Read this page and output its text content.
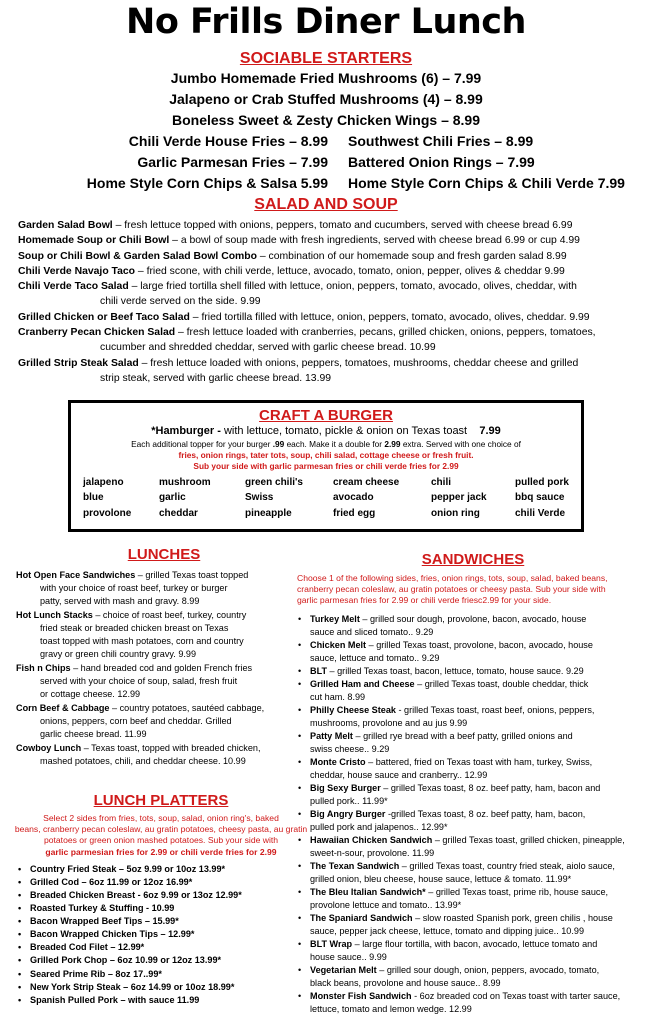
No Frills Diner Lunch
SOCIABLE STARTERS
Jumbo Homemade Fried Mushrooms (6) – 7.99
Jalapeno or Crab Stuffed Mushrooms (4) – 8.99
Boneless Sweet & Zesty Chicken Wings – 8.99
Chili Verde House Fries – 8.99	Southwest Chili Fries – 8.99
Garlic Parmesan Fries – 7.99	Battered Onion Rings – 7.99
Home Style Corn Chips & Salsa 5.99	Home Style Corn Chips & Chili Verde 7.99
SALAD AND SOUP
Garden Salad Bowl – fresh lettuce topped with onions, peppers, tomato and cucumbers, served with cheese bread 6.99
Homemade Soup or Chili Bowl – a bowl of soup made with fresh ingredients, served with cheese bread 6.99 or cup 4.99
Soup or Chili Bowl & Garden Salad Bowl Combo – combination of our homemade soup and fresh garden salad 8.99
Chili Verde Navajo Taco – fried scone, with chili verde, lettuce, avocado, tomato, onion, pepper, olives & cheddar 9.99
Chili Verde Taco Salad – large fried tortilla shell filled with lettuce, onion, peppers, tomato, avocado, olives, cheddar, with
chili verde served on the side. 9.99
Grilled Chicken or Beef Taco Salad – fried tortilla filled with lettuce, onion, peppers, tomato, avocado, olives, cheddar. 9.99
Cranberry Pecan Chicken Salad – fresh lettuce loaded with cranberries, pecans, grilled chicken, onions, peppers, tomatoes,
cucumber and shredded cheddar, served with garlic cheese bread. 10.99
Grilled Strip Steak Salad – fresh lettuce loaded with onions, peppers, tomatoes, mushrooms, cheddar cheese and grilled
strip steak, served with garlic cheese bread. 13.99
CRAFT A BURGER
*Hamburger - with lettuce, tomato, pickle & onion on Texas toast 7.99
Each additional topper for your burger .99 each. Make it a double for 2.99 extra. Served with one choice of
fries, onion rings, tater tots, soup, chili salad, cottage cheese or fresh fruit.
Sub your side with garlic parmesan fries or chili verde fries for 2.99
jalapeno	mushroom	green chili's	cream cheese	chili	pulled pork
blue	garlic	Swiss	avocado	pepper jack	bbq sauce
provolone	cheddar	pineapple	fried egg	onion ring	chili Verde
LUNCHES
Hot Open Face Sandwiches – grilled Texas toast topped
with your choice of roast beef, turkey or burger
patty, served with mash and gravy. 8.99
Hot Lunch Stacks – choice of roast beef, turkey, country
fried steak or breaded chicken breast on Texas
toast topped with mash potatoes, corn and country
gravy or green chili country gravy. 9.99
Fish n Chips – hand breaded cod and golden French fries
served with your choice of soup, salad, fresh fruit
or cottage cheese. 12.99
Corn Beef & Cabbage – country potatoes, sautéed cabbage,
onions, peppers, corn beef and cheddar. Grilled
garlic cheese bread. 11.99
Cowboy Lunch – Texas toast, topped with breaded chicken,
mashed potatoes, chili, and cheddar cheese. 10.99
LUNCH PLATTERS
Select 2 sides from fries, tots, soup, salad, onion ring's, baked
beans, cranberry pecan coleslaw, au gratin potatoes, cheesy pasta, au gratin
potatoes or green onion mashed potatoes. Sub your side with
garlic parmesian fries for 2.99 or chili verde fries for 2.99
• Country Fried Steak – 5oz 9.99 or 10oz 13.99*
• Grilled Cod – 6oz 11.99 or 12oz 16.99*
• Breaded Chicken Breast - 6oz 9.99 or 13oz 12.99*
• Roasted Turkey & Stuffing - 10.99
• Bacon Wrapped Beef Tips – 15.99*
• Bacon Wrapped Chicken Tips – 12.99*
• Breaded Cod Filet – 12.99*
• Grilled Pork Chop – 6oz 10.99 or 12oz 13.99*
• Seared Prime Rib – 8oz 17..99*
• New York Strip Steak – 6oz 14.99 or 10oz 18.99*
• Spanish Pulled Pork – with sauce 11.99
SANDWICHES
Choose 1 of the following sides, fries, onion rings, tots, soup, salad, baked beans,
cranberry pecan coleslaw, au gratin potatoes or cheesy pasta. Sub your side with
garlic parmesan fries for 2.99 or chili verde friesc2.99 for your side.
• Turkey Melt – grilled sour dough, provolone, bacon, avocado, house
sauce and sliced tomato.. 9.29
• Chicken Melt – grilled Texas toast, provolone, bacon, avocado, house
sauce, lettuce and tomato.. 9.29
• BLT – grilled Texas toast, bacon, lettuce, tomato, house sauce. 9.29
• Grilled Ham and Cheese – grilled Texas toast, double cheddar, thick
cut ham. 8.99
• Philly Cheese Steak - grilled Texas toast, roast beef, onions, peppers,
mushrooms, provolone and au jus 9.99
• Patty Melt – grilled rye bread with a beef patty, grilled onions and
swiss cheese.. 9.29
• Monte Cristo – battered, fried on Texas toast with ham, turkey, Swiss,
cheddar, house sauce and cranberry.. 12.99
• Big Sexy Burger – grilled Texas toast, 8 oz. beef patty, ham, bacon and
pulled pork.. 11.99*
• Big Angry Burger -grilled Texas toast, 8 oz. beef patty, ham, bacon,
pulled pork and jalapenos.. 12.99*
• Hawaiian Chicken Sandwich – grilled Texas toast, grilled chicken, pineapple,
sweet-n-sour, provolone. 11.99
• The Texan Sandwich – grilled Texas toast, country fried steak, aiolo sauce,
grilled onion, bleu cheese, house sauce, lettuce & tomato. 11.99*
• The Bleu Italian Sandwich* – grilled Texas toast, prime rib, house sauce,
provolone lettuce and tomato.. 13.99*
• The Spaniard Sandwich – slow roasted Spanish pork, green chilis , house
sauce, pepper jack cheese, lettuce, tomato and dipping juice.. 10.99
• BLT Wrap – large flour tortilla, with bacon, avocado, lettuce tomato and
house sauce.. 9.99
• Vegetarian Melt – grilled sour dough, onion, peppers, avocado, tomato,
black beans, provolone and house sauce.. 8.99
• Monster Fish Sandwich - 6oz breaded cod on Texas toast with tarter sauce,
lettuce, tomato and lemon wedge. 12.99
